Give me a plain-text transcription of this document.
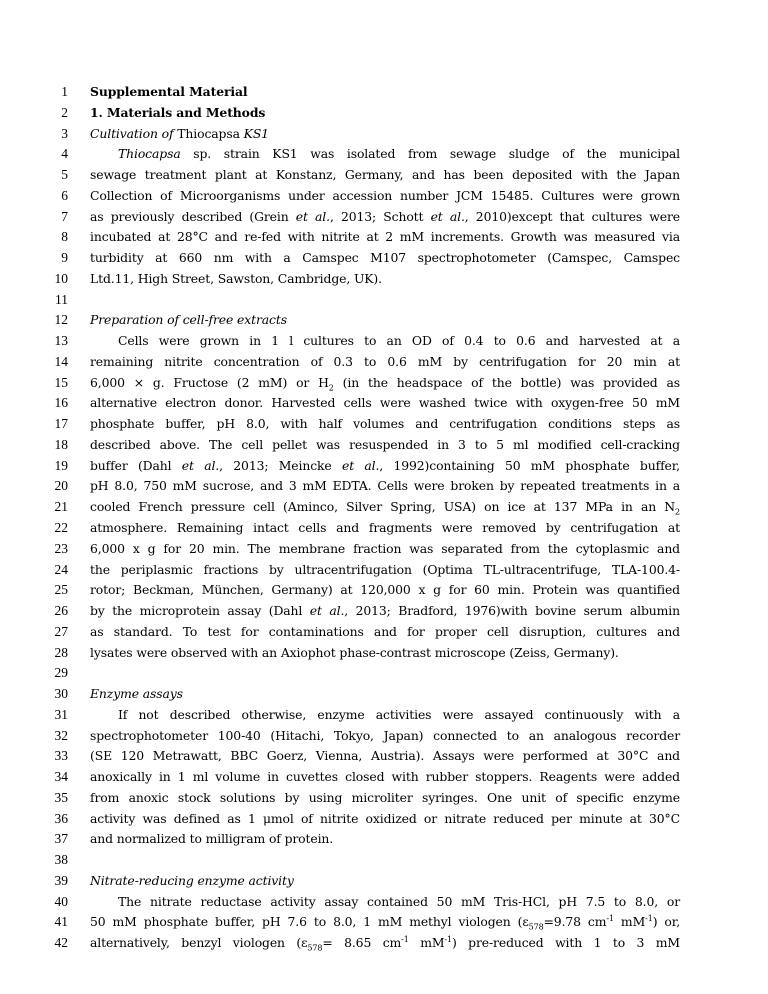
1 Supplemental Material
2 1. Materials and Methods
3 Cultivation of Thiocapsa KS1
4	Thiocapsa sp. strain KS1 was isolated from sewage sludge of the municipal
5 sewage treatment plant at Konstanz, Germany, and has been deposited with the Japan
6 Collection of Microorganisms under accession number JCM 15485. Cultures were grown
7 as previously described (Grein et al., 2013; Schott et al., 2010)except that cultures were
8 incubated at 28°C and re-fed with nitrite at 2 mM increments. Growth was measured via
9 turbidity at 660 nm with a Camspec M107 spectrophotometer (Camspec, Camspec
10 Ltd.11, High Street, Sawston, Cambridge, UK).
11
12 Preparation of cell-free extracts
13	Cells were grown in 1 l cultures to an OD of 0.4 to 0.6 and harvested at a
14 remaining nitrite concentration of 0.3 to 0.6 mM by centrifugation for 20 min at
15 6,000 × g. Fructose (2 mM) or $H_2$ (in the headspace of the bottle) was provided as
16 alternative electron donor. Harvested cells were washed twice with oxygen-free 50 mM
17 phosphate buffer, pH 8.0, with half volumes and centrifugation conditions steps as
18 described above. The cell pellet was resuspended in 3 to 5 ml modified cell-cracking
19 buffer (Dahl et al., 2013; Meincke et al., 1992)containing 50 mM phosphate buffer,
20 pH 8.0, 750 mM sucrose, and 3 mM EDTA. Cells were broken by repeated treatments in a
21 cooled French pressure cell (Aminco, Silver Spring, USA) on ice at 137 MPa in an $N_2$
22 atmosphere. Remaining intact cells and fragments were removed by centrifugation at
23 6,000 x g for 20 min. The membrane fraction was separated from the cytoplasmic and
24 the periplasmic fractions by ultracentrifugation (Optima TL-ultracentrifuge, TLA-100.4-
25 rotor; Beckman, München, Germany) at 120,000 x g for 60 min. Protein was quantified
26 by the microprotein assay (Dahl et al., 2013; Bradford, 1976)with bovine serum albumin
27 as standard. To test for contaminations and for proper cell disruption, cultures and
28 lysates were observed with an Axiophot phase-contrast microscope (Zeiss, Germany).
29
30 Enzyme assays
31	If not described otherwise, enzyme activities were assayed continuously with a
32 spectrophotometer 100-40 (Hitachi, Tokyo, Japan) connected to an analogous recorder
33 (SE 120 Metrawatt, BBC Goerz, Vienna, Austria). Assays were performed at 30°C and
34 anoxically in 1 ml volume in cuvettes closed with rubber stoppers. Reagents were added
35 from anoxic stock solutions by using microliter syringes. One unit of specific enzyme
36 activity was defined as 1 μmol of nitrite oxidized or nitrate reduced per minute at 30°C
37 and normalized to milligram of protein.
38
39 Nitrate-reducing enzyme activity
40	The nitrate reductase activity assay contained 50 mM Tris-HCl, pH 7.5 to 8.0, or
41 50 mM phosphate buffer, pH 7.6 to 8.0, 1 mM methyl viologen ($\varepsilon_{578}=9.78$ $cm^{-1}$ $mM^{-1}$) or,
42 alternatively, benzyl viologen ($\varepsilon_{578}= 8.65$ $cm^{-1}$ $mM^{-1}$) pre-reduced with 1 to 3 mM
